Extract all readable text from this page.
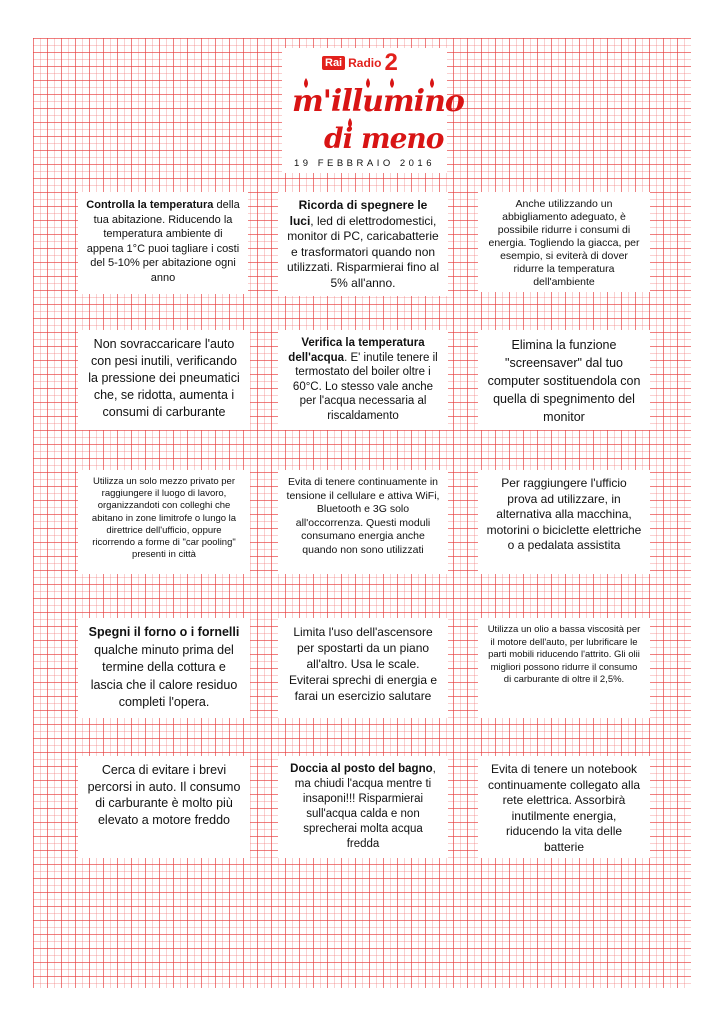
Rai Radio 2
m'illumino
di meno
19 FEBBRAIO 2016
Controlla la temperatura della tua abitazione. Riducendo la temperatura ambiente di appena 1°C puoi tagliare i costi del 5-10% per abitazione ogni anno
Ricorda di spegnere le luci, led di elettrodomestici, monitor di PC, caricabatterie e trasformatori quando non utilizzati. Risparmierai fino al 5% all'anno.
Anche utilizzando un abbigliamento adeguato, è possibile ridurre i consumi di energia. Togliendo la giacca, per esempio, si eviterà di dover ridurre la temperatura dell'ambiente
Non sovraccaricare l'auto con pesi inutili, verificando la pressione dei pneumatici che, se ridotta, aumenta i consumi di carburante
Verifica la temperatura dell'acqua. E' inutile tenere il termostato del boiler oltre i 60°C. Lo stesso vale anche per l'acqua necessaria al riscaldamento
Elimina la funzione "screensaver" dal tuo computer sostituendola con quella di spegnimento del monitor
Utilizza un solo mezzo privato per raggiungere il luogo di lavoro, organizzandoti con colleghi che abitano in zone limitrofe o lungo la direttrice dell'ufficio, oppure ricorrendo a forme di "car pooling" presenti in città
Evita di tenere continuamente in tensione il cellulare e attiva WiFi, Bluetooth e 3G solo all'occorrenza. Questi moduli consumano energia anche quando non sono utilizzati
Per raggiungere l'ufficio prova ad utilizzare, in alternativa alla macchina, motorini o biciclette elettriche o a pedalata assistita
Spegni il forno o i fornelli qualche minuto prima del termine della cottura e lascia che il calore residuo completi l'opera.
Limita l'uso dell'ascensore per spostarti da un piano all'altro. Usa le scale. Eviterai sprechi di energia e farai un esercizio salutare
Utilizza un olio a bassa viscosità per il motore dell'auto, per lubrificare le parti mobili riducendo l'attrito. Gli olii migliori possono ridurre il consumo di carburante di oltre il 2,5%.
Cerca di evitare i brevi percorsi in auto. Il consumo di carburante è molto più elevato a motore freddo
Doccia al posto del bagno, ma chiudi l'acqua mentre ti insaponi!!! Risparmierai sull'acqua calda e non sprecherai molta acqua fredda
Evita di tenere un notebook continuamente collegato alla rete elettrica. Assorbirà inutilmente energia, riducendo la vita delle batterie
